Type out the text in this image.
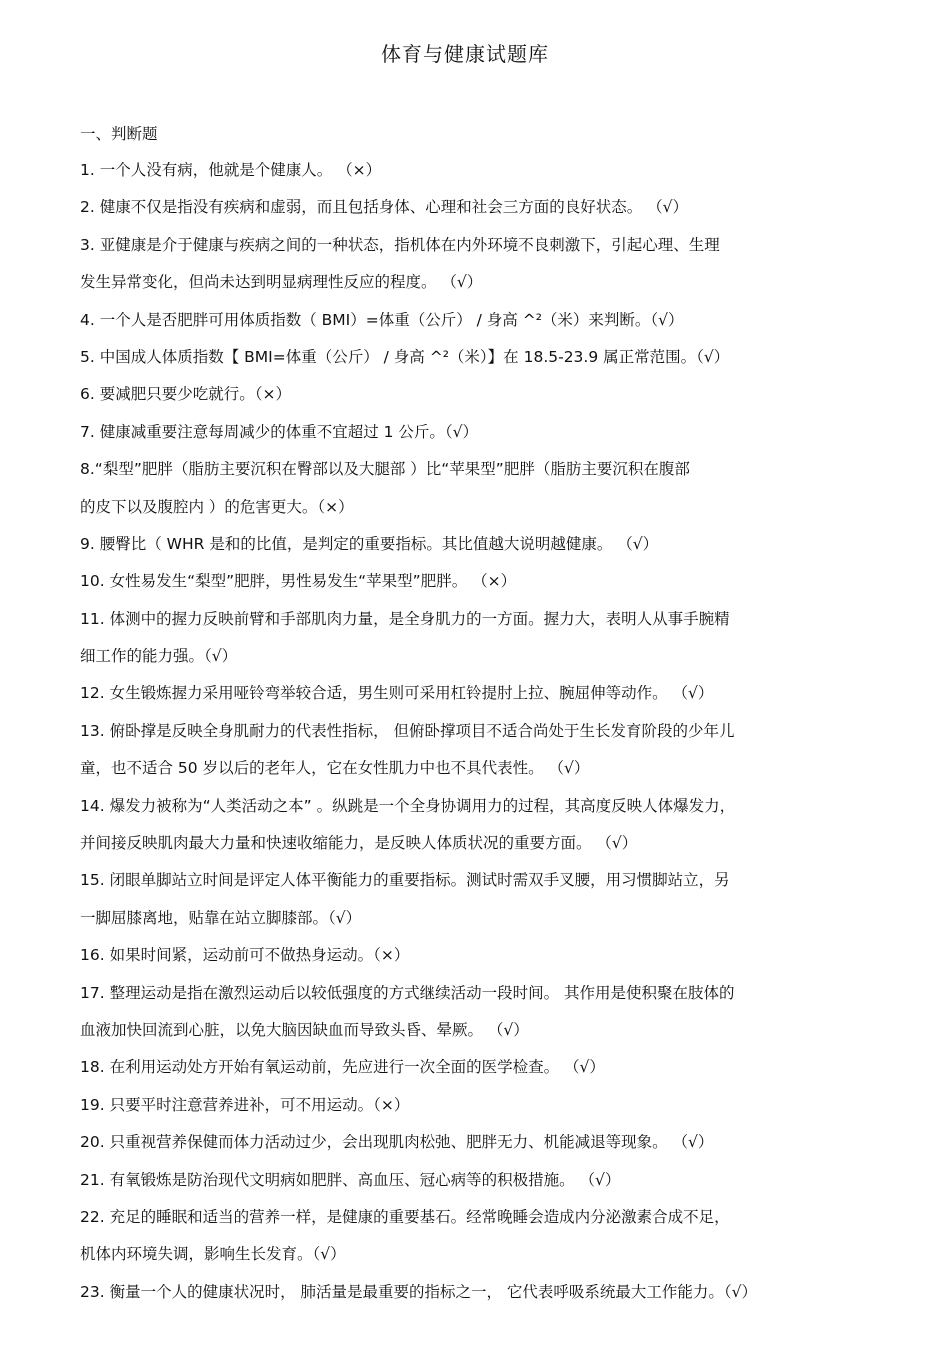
体育与健康试题库
一、判断题
1. 一个人没有病，他就是个健康人。 （×）
2. 健康不仅是指没有疾病和虚弱，而且包括身体、心理和社会三方面的良好状态。 （√）
3. 亚健康是介于健康与疾病之间的一种状态，指机体在内外环境不良刺激下，引起心理、生理
发生异常变化，但尚未达到明显病理性反应的程度。 （√）
4. 一个人是否肥胖可用体质指数（ BMI）=体重（公斤） / 身高 ^²（米）来判断。（√）
5. 中国成人体质指数【 BMI=体重（公斤） / 身高 ^²（米）】在 18.5-23.9 属正常范围。（√）
6. 要减肥只要少吃就行。（×）
7. 健康减重要注意每周减少的体重不宜超过 1 公斤。（√）
8.“梨型”肥胖（脂肪主要沉积在臀部以及大腿部 ）比“苹果型”肥胖（脂肪主要沉积在腹部
的皮下以及腹腔内 ）的危害更大。（×）
9. 腰臀比（ WHR 是和的比值，是判定的重要指标。其比值越大说明越健康。 （√）
10. 女性易发生“梨型”肥胖，男性易发生“苹果型”肥胖。 （×）
11. 体测中的握力反映前臂和手部肌肉力量，是全身肌力的一方面。握力大，表明人从事手腕精
细工作的能力强。（√）
12. 女生锻炼握力采用哑铃弯举较合适，男生则可采用杠铃提肘上拉、腕屈伸等动作。 （√）
13. 俯卧撑是反映全身肌耐力的代表性指标， 但俯卧撑项目不适合尚处于生长发育阶段的少年儿
童，也不适合 50 岁以后的老年人，它在女性肌力中也不具代表性。 （√）
14. 爆发力被称为“人类活动之本” 。纵跳是一个全身协调用力的过程，其高度反映人体爆发力，
并间接反映肌肉最大力量和快速收缩能力，是反映人体质状况的重要方面。 （√）
15. 闭眼单脚站立时间是评定人体平衡能力的重要指标。测试时需双手叉腰，用习惯脚站立，另
一脚屈膝离地，贴靠在站立脚膝部。（√）
16. 如果时间紧，运动前可不做热身运动。（×）
17. 整理运动是指在激烈运动后以较低强度的方式继续活动一段时间。 其作用是使积聚在肢体的
血液加快回流到心脏，以免大脑因缺血而导致头昏、晕厥。 （√）
18. 在利用运动处方开始有氧运动前，先应进行一次全面的医学检查。 （√）
19. 只要平时注意营养进补，可不用运动。（×）
20. 只重视营养保健而体力活动过少，会出现肌肉松弛、肥胖无力、机能减退等现象。 （√）
21. 有氧锻炼是防治现代文明病如肥胖、高血压、冠心病等的积极措施。 （√）
22. 充足的睡眠和适当的营养一样，是健康的重要基石。经常晚睡会造成内分泌激素合成不足，
机体内环境失调，影响生长发育。（√）
23. 衡量一个人的健康状况时， 肺活量是最重要的指标之一， 它代表呼吸系统最大工作能力。（√）
